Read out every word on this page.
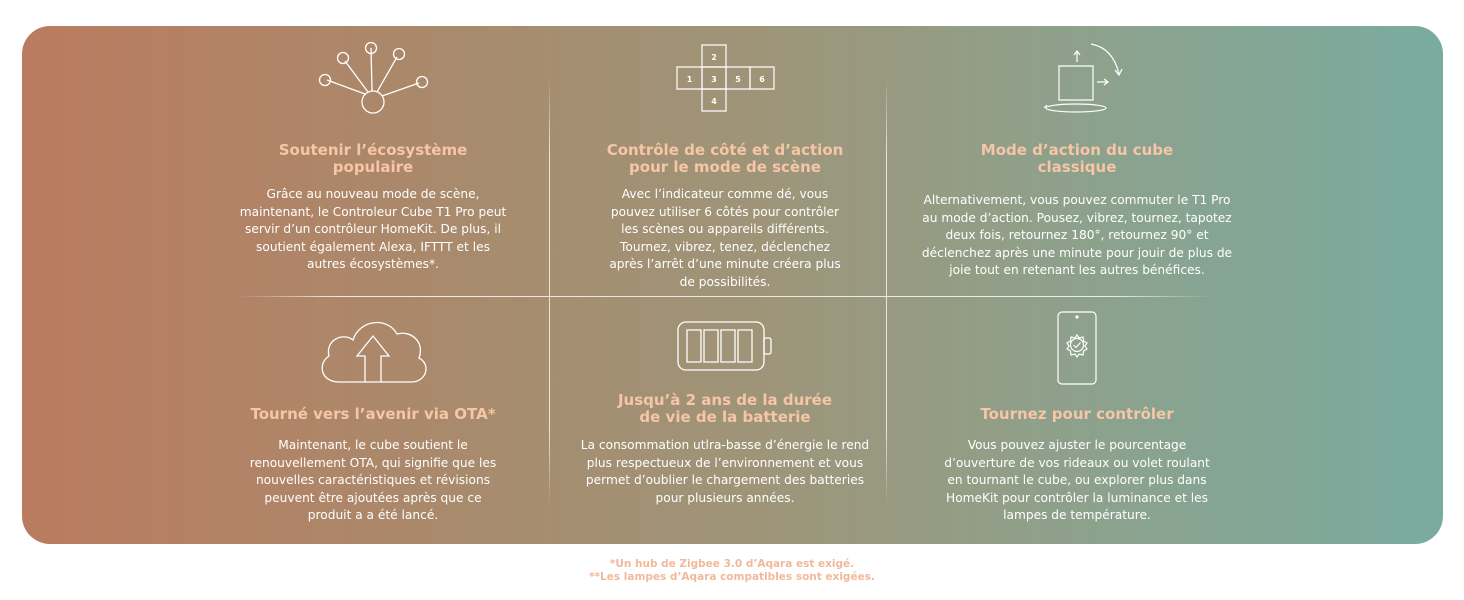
Soutenir l’écosystème
populaire
Grâce au nouveau mode de scène,
maintenant, le Controleur Cube T1 Pro peut
servir d’un contrôleur HomeKit. De plus, il
soutient également Alexa, IFTTT et les
autres écosystèmes*.
2
1 3 5 6
4
Contrôle de côté et d’action
pour le mode de scène
Avec l’indicateur comme dé, vous
pouvez utiliser 6 côtés pour contrôler
les scènes ou appareils différents.
Tournez, vibrez, tenez, déclenchez
après l’arrêt d’une minute créera plus
de possibilités.
Mode d’action du cube
classique
Alternativement, vous pouvez commuter le T1 Pro
au mode d’action. Pousez, vibrez, tournez, tapotez
deux fois, retournez 180°, retournez 90° et
déclenchez après une minute pour jouir de plus de
joie tout en retenant les autres bénéfices.
Tourné vers l’avenir via OTA*
Maintenant, le cube soutient le
renouvellement OTA, qui signifie que les
nouvelles caractéristiques et révisions
peuvent être ajoutées après que ce
produit a a été lancé.
Jusqu’à 2 ans de la durée
de vie de la batterie
La consommation utlra-basse d’énergie le rend
plus respectueux de l’environnement et vous
permet d’oublier le chargement des batteries
pour plusieurs années.
Tournez pour contrôler
Vous pouvez ajuster le pourcentage
d’ouverture de vos rideaux ou volet roulant
en tournant le cube, ou explorer plus dans
HomeKit pour contrôler la luminance et les
lampes de température.
*Un hub de Zigbee 3.0 d’Aqara est exigé.
**Les lampes d’Aqara compatibles sont exigées.
